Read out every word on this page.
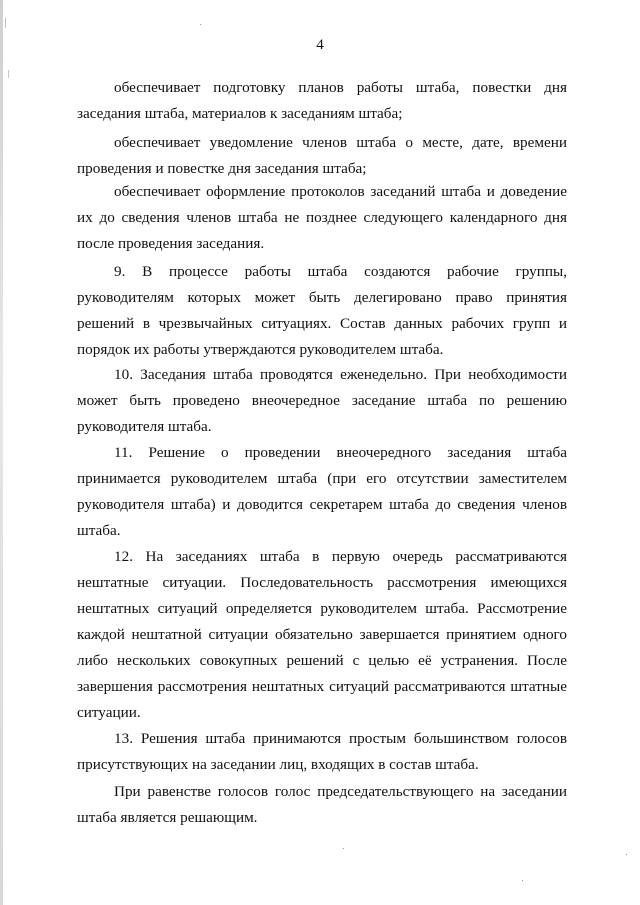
4
обеспечивает подготовку планов работы штаба, повестки дня
заседания штаба, материалов к заседаниям штаба;
обеспечивает уведомление членов штаба о месте, дате, времени
проведения и повестке дня заседания штаба;
обеспечивает оформление протоколов заседаний штаба и доведение
их до сведения членов штаба не позднее следующего календарного дня
после проведения заседания.
9. В процессе работы штаба создаются рабочие группы,
руководителям которых может быть делегировано право принятия
решений в чрезвычайных ситуациях. Состав данных рабочих групп и
порядок их работы утверждаются руководителем штаба.
10. Заседания штаба проводятся еженедельно. При необходимости
может быть проведено внеочередное заседание штаба по решению
руководителя штаба.
11. Решение о проведении внеочередного заседания штаба
принимается руководителем штаба (при его отсутствии заместителем
руководителя штаба) и доводится секретарем штаба до сведения членов
штаба.
12. На заседаниях штаба в первую очередь рассматриваются
нештатные ситуации. Последовательность рассмотрения имеющихся
нештатных ситуаций определяется руководителем штаба. Рассмотрение
каждой нештатной ситуации обязательно завершается принятием одного
либо нескольких совокупных решений с целью её устранения. После
завершения рассмотрения нештатных ситуаций рассматриваются штатные
ситуации.
13. Решения штаба принимаются простым большинством голосов
присутствующих на заседании лиц, входящих в состав штаба.
При равенстве голосов голос председательствующего на заседании
штаба является решающим.
